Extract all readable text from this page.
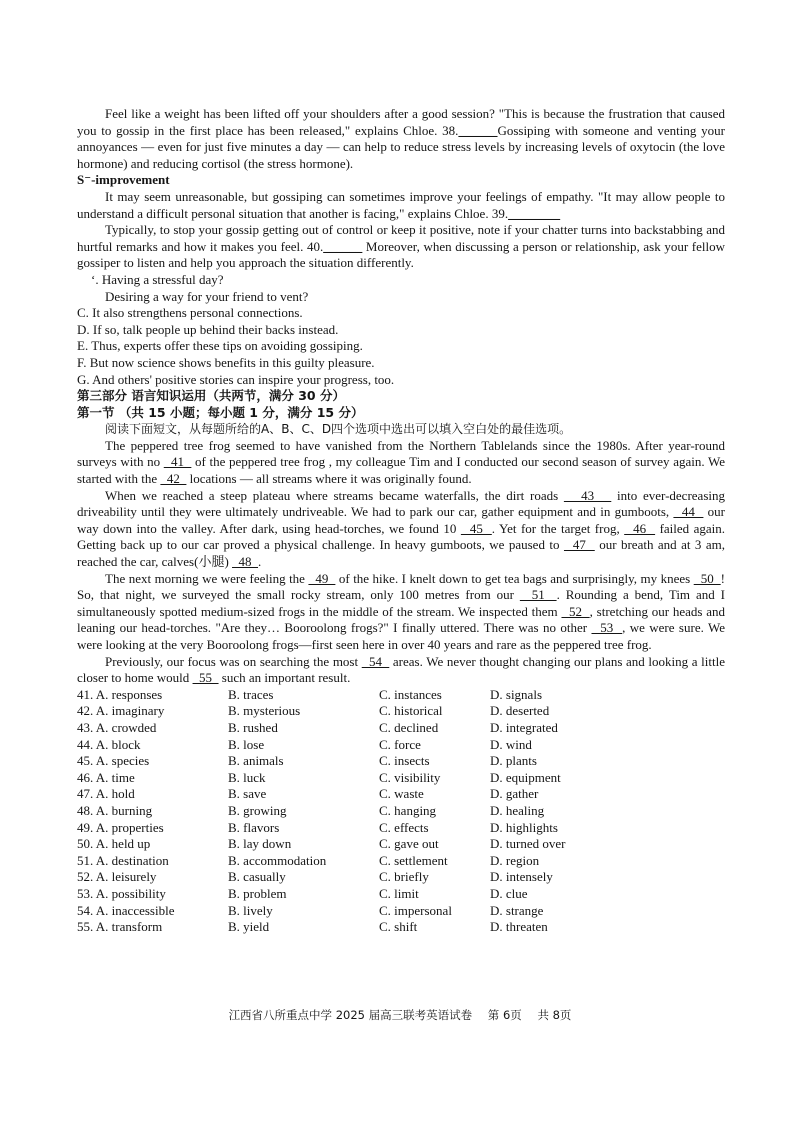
Feel like a weight has been lifted off your shoulders after a good session? "This is because the frustration that caused you to gossip in the first place has been released," explains Chloe. 38.______Gossiping with someone and venting your annoyances — even for just five minutes a day — can help to reduce stress levels by increasing levels of oxytocin (the love hormone) and reducing cortisol (the stress hormone).

S⁻-improvement

It may seem unreasonable, but gossiping can sometimes improve your feelings of empathy. "It may allow people to understand a difficult personal situation that another is facing," explains Chloe. 39.________

Typically, to stop your gossip getting out of control or keep it positive, note if your chatter turns into backstabbing and hurtful remarks and how it makes you feel. 40.______ Moreover, when discussing a person or relationship, ask your fellow gossiper to listen and help you approach the situation differently.

‘. Having a stressful day?

Desiring a way for your friend to vent?

C. It also strengthens personal connections.

D. If so, talk people up behind their backs instead.

E. Thus, experts offer these tips on avoiding gossiping.

F. But now science shows benefits in this guilty pleasure.

G. And others' positive stories can inspire your progress, too.

第三部分 语言知识运用（共两节，满分 30 分）

第一节 （共 15 小题；每小题 1 分，满分 15 分）

阅读下面短文，从每题所给的A、B、C、D四个选项中选出可以填入空白处的最佳选项。

The peppered tree frog seemed to have vanished from the Northern Tablelands since the 1980s. After year-round surveys with no   41   of the peppered tree frog , my colleague Tim and I conducted our second season of survey again. We started with the   42   locations — all streams where it was originally found.

When we reached a steep plateau where streams became waterfalls, the dirt roads    43    into ever-decreasing driveability until they were ultimately undriveable. We had to park our car, gather equipment and in gumboots,   44   our way down into the valley. After dark, using head-torches, we found 10   45  . Yet for the target frog,   46   failed again. Getting back up to our car proved a physical challenge. In heavy gumboots, we paused to   47   our breath and at 3 am, reached the car, calves(小腿)   48  .

The next morning we were feeling the   49   of the hike. I knelt down to get tea bags and surprisingly, my knees   50  ! So, that night, we surveyed the small rocky stream, only 100 metres from our   51  . Rounding a bend, Tim and I simultaneously spotted medium-sized frogs in the middle of the stream. We inspected them   52  , stretching our heads and leaning our head-torches. "Are they… Booroolong frogs?" I finally uttered. There was no other   53  , we were sure. We were looking at the very Booroolong frogs—first seen here in over 40 years and rare as the peppered tree frog.

Previously, our focus was on searching the most   54   areas. We never thought changing our plans and looking a little closer to home would   55   such an important result.

41. A. responses	B. traces	C. instances	D. signals
42. A. imaginary	B. mysterious	C. historical	D. deserted
43. A. crowded	B. rushed	C. declined	D. integrated
44. A. block	B. lose	C. force	D. wind
45. A. species	B. animals	C. insects	D. plants
46. A. time	B. luck	C. visibility	D. equipment
47. A. hold	B. save	C. waste	D. gather
48. A. burning	B. growing	C. hanging	D. healing
49. A. properties	B. flavors	C. effects	D. highlights
50. A. held up	B. lay down	C. gave out	D. turned over
51. A. destination	B. accommodation	C. settlement	D. region
52. A. leisurely	B. casually	C. briefly	D. intensely
53. A. possibility	B. problem	C. limit	D. clue
54. A. inaccessible	B. lively	C. impersonal	D. strange
55. A. transform	B. yield	C. shift	D. threaten
江西省八所重点中学 2025 届高三联考英语试卷 第 6页 共 8页
